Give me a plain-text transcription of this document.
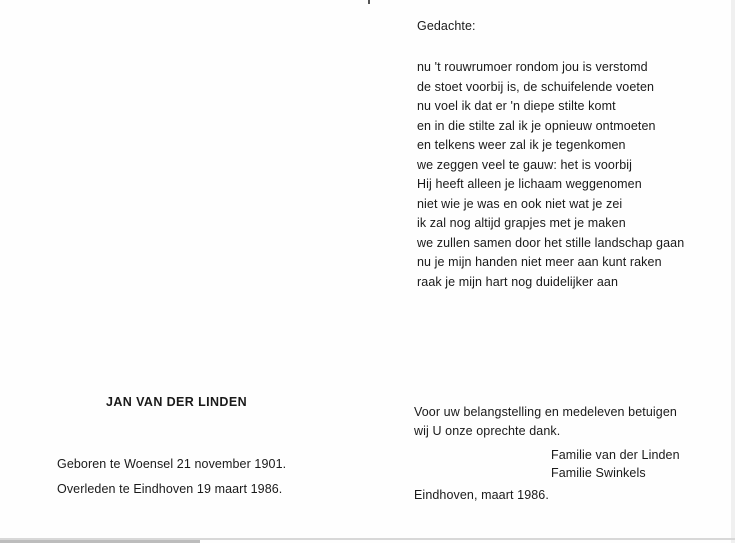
Gedachte:
nu 't rouwrumoer rondom jou is verstomd
de stoet voorbij is, de schuifelende voeten
nu voel ik dat er 'n diepe stilte komt
en in die stilte zal ik je opnieuw ontmoeten
en telkens weer zal ik je tegenkomen
we zeggen veel te gauw: het is voorbij
Hij heeft alleen je lichaam weggenomen
niet wie je was en ook niet wat je zei
ik zal nog altijd grapjes met je maken
we zullen samen door het stille landschap gaan
nu je mijn handen niet meer aan kunt raken
raak je mijn hart nog duidelijker aan
JAN VAN DER LINDEN
Geboren te Woensel 21 november 1901.
Overleden te Eindhoven 19 maart 1986.
Voor uw belangstelling en medeleven betuigen
wij U onze oprechte dank.
Familie van der Linden
Familie Swinkels
Eindhoven, maart 1986.
